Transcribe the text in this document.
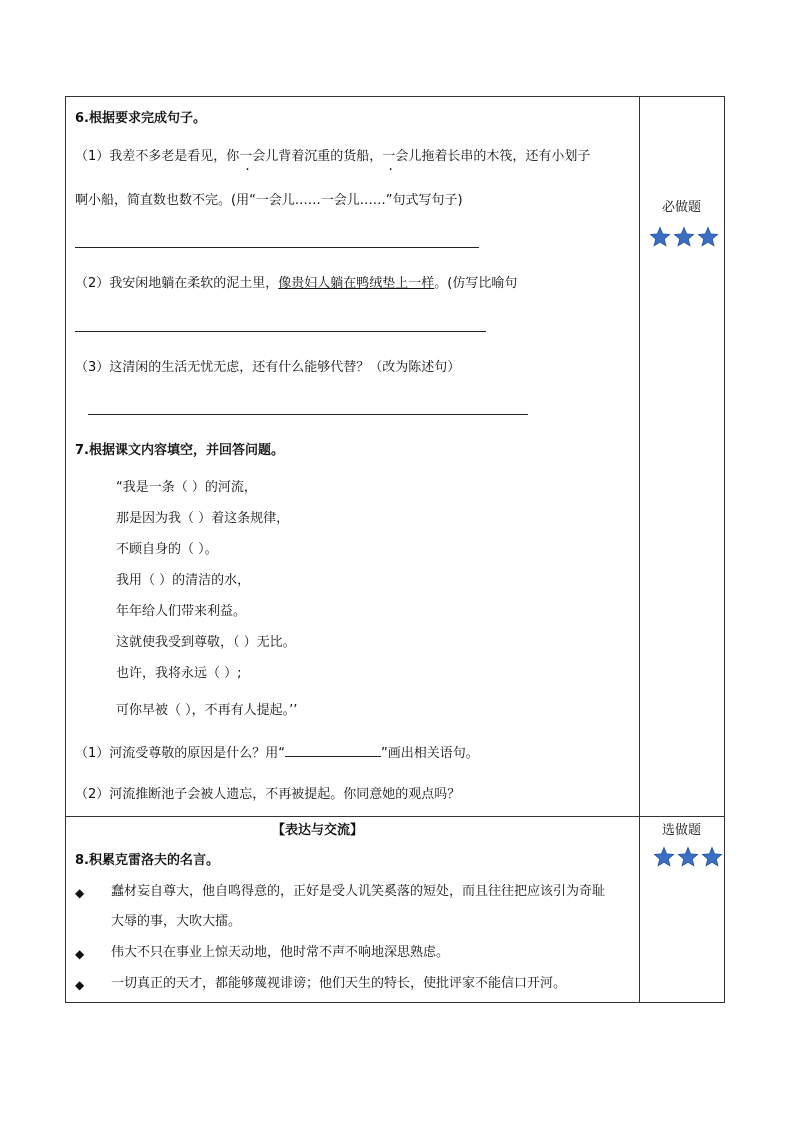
6.根据要求完成句子。
（1）我差不多老是看见，你一会儿背着沉重的货船，一会儿拖着长串的木筏，还有小划子
啊小船，简直数也数不完。(用“一会儿……一会儿……”句式写句子)
（2）我安闲地躺在柔软的泥土里，像贵妇人躺在鸭绒垫上一样。(仿写比喻句
（3）这清闲的生活无忧无虑，还有什么能够代替？（改为陈述句）
7.根据课文内容填空，并回答问题。
“我是一条（ ）的河流，
那是因为我（ ）着这条规律，
不顾自身的（ ）。
我用（ ）的清洁的水，
年年给人们带来利益。
这就使我受到尊敬，（ ）无比。
也许，我将永远（ ）;
可你早被（ ），不再有人提起。’’
（1）河流受尊敬的原因是什么？用“	”画出相关语句。
（2）河流推断池子会被人遗忘，不再被提起。你同意她的观点吗？
【表达与交流】
8.积累克雷洛夫的名言。
◆ 蠢材妄自尊大，他自鸣得意的，正好是受人讥笑奚落的短处，而且往往把应该引为奇耻
大辱的事，大吹大擂。
◆ 伟大不只在事业上惊天动地，他时常不声不响地深思熟虑。
◆ 一切真正的天才，都能够蔑视诽谤；他们天生的特长，使批评家不能信口开河。
必做题
选做题
